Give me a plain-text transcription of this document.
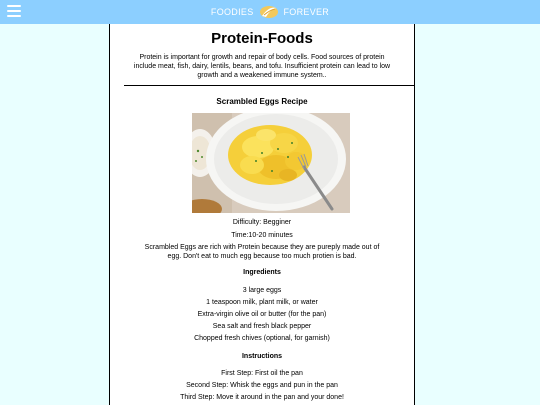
FOODIES	FOREVER
Protein-Foods

Protein is important for growth and repair of body cells. Food sources of protein include meat, fish, dairy, lentils, beans, and tofu. Insufficient protein can lead to low growth and a weakened immune system..

Scrambled Eggs Recipe

Difficulty: Begginer

Time:10-20 minutes

Scrambled Eggs are rich with Protein because they are pureply made out of egg. Don't eat to much egg because too much protien is bad.

Ingredients

3 large eggs

1 teaspoon milk, plant milk, or water

Extra-virgin olive oil or butter (for the pan)

Sea salt and fresh black pepper

Chopped fresh chives (optional, for garnish)

Instructions

First Step: First oil the pan

Second Step: Whisk the eggs and pun in the pan

Third Step: Move it around in the pan and your done!
